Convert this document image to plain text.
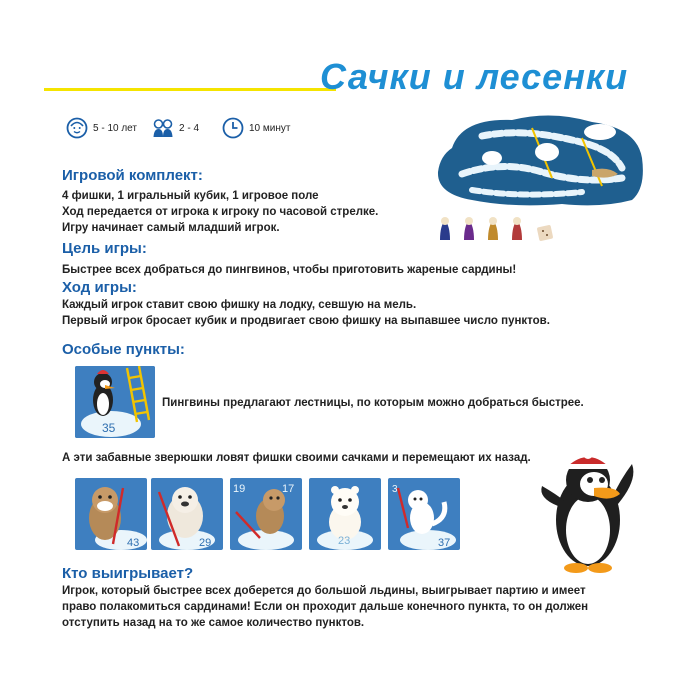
Сачки и лесенки
5 - 10 лет	2 - 4	10 минут
Игровой комплект:
4 фишки, 1 игральный кубик, 1 игровое поле
Ход передается от игрока к игроку по часовой стрелке.
Игру начинает самый младший игрок.
Цель игры:
Быстрее всех добраться до пингвинов, чтобы приготовить жареные сардины!
Ход игры:
Каждый игрок ставит свою фишку на лодку, севшую на мель.
Первый игрок бросает кубик и продвигает свою фишку на выпавшее число пунктов.
Особые пункты:
35
Пингвины предлагают лестницы, по которым можно добраться быстрее.
А эти забавные зверюшки ловят фишки своими сачками и перемещают их назад.
43	29
19	17
23
3
37
Кто выигрывает?
Игрок, который быстрее всех доберется до большой льдины, выигрывает партию и имеет
право полакомиться сардинами! Если он проходит дальше конечного пункта, то он должен
отступить назад на то же самое количество пунктов.
